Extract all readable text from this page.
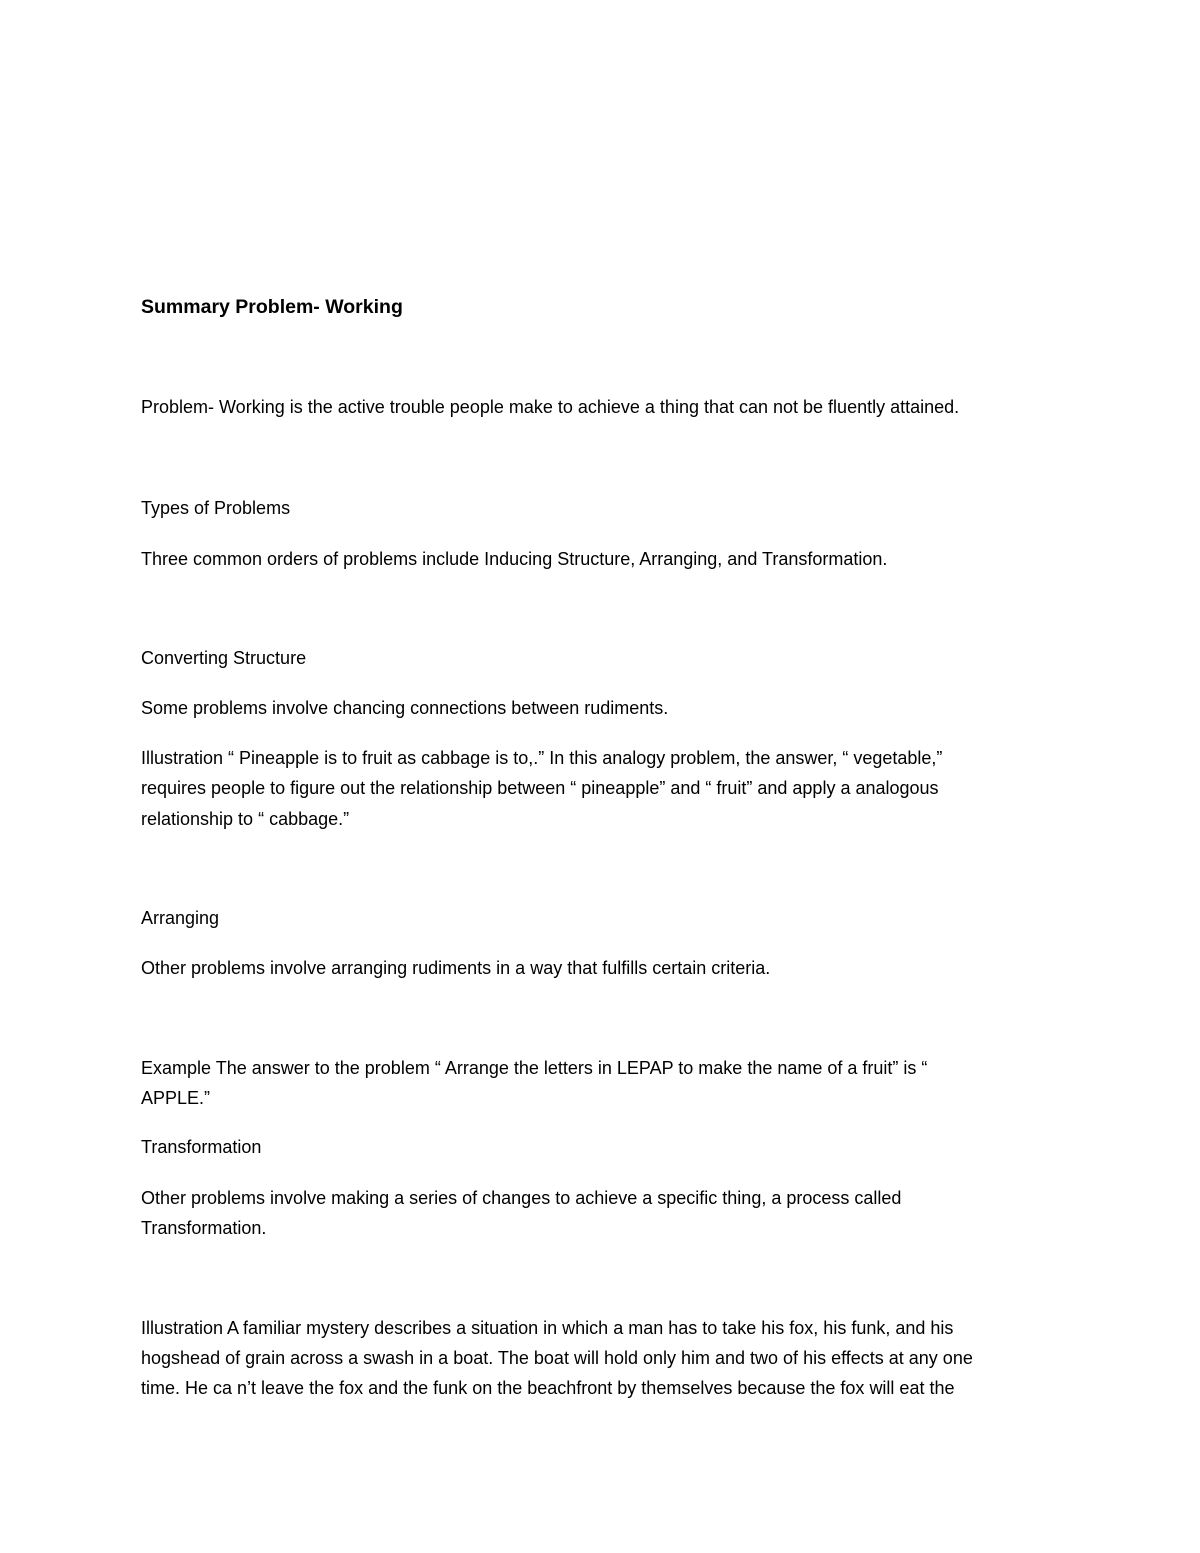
Summary Problem- Working
Problem- Working is the active trouble people make to achieve a thing that can not be fluently attained.
Types of Problems
Three common orders of problems include Inducing Structure, Arranging, and Transformation.
Converting Structure
Some problems involve chancing connections between rudiments.
Illustration “ Pineapple is to fruit as cabbage is to,.” In this analogy problem, the answer, “ vegetable,”
requires people to figure out the relationship between “ pineapple” and “ fruit” and apply a analogous
relationship to “ cabbage.”
Arranging
Other problems involve arranging rudiments in a way that fulfills certain criteria.
Example The answer to the problem “ Arrange the letters in LEPAP to make the name of a fruit” is “
APPLE.”
Transformation
Other problems involve making a series of changes to achieve a specific thing, a process called
Transformation.
Illustration A familiar mystery describes a situation in which a man has to take his fox, his funk, and his
hogshead of grain across a swash in a boat. The boat will hold only him and two of his effects at any one
time. He ca n’t leave the fox and the funk on the beachfront by themselves because the fox will eat the
